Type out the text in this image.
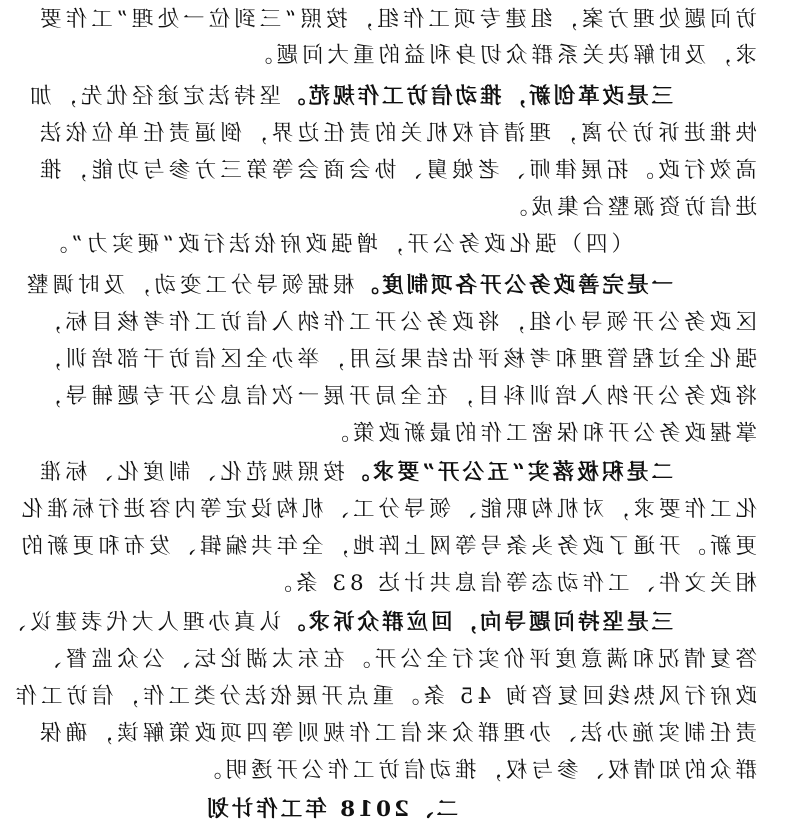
访问题处理方案，组建专项工作组，按照“三到位一处理”工作要
求，及时解决关系群众切身利益的重大问题。
三是改革创新，推动信访工作规范。坚持法定途径优先，加
快推进诉访分离，理清有权机关的责任边界，倒逼责任单位依法
高效行政。拓展律师、老娘舅、协会商会等第三方参与功能，推
进信访资源整合集成。
（四）强化政务公开，增强政府依法行政“硬实力”。
一是完善政务公开各项制度。根据领导分工变动，及时调整
区政务公开领导小组，将政务公开工作纳入信访工作考核目标，
强化全过程管理和考核评估结果运用，举办全区信访干部培训，
将政务公开纳入培训科目，在全局开展一次信息公开专题辅导，
掌握政务公开和保密工作的最新政策。
二是积极落实“五公开”要求。按照规范化、制度化、标准
化工作要求，对机构职能、领导分工、机构设定等内容进行标准化
更新。开通了政务头条号等网上阵地，全年共编辑、发布和更新的
相关文件、工作动态等信息共计达 83 条。
三是坚持问题导向，回应群众诉求。认真办理人大代表建议、
答复情况和满意度评价实行全公开。在东太湖论坛、公众监督、
政府行风热线回复咨询 45 条。重点开展依法分类工作，信访工作
责任制实施办法、办理群众来信工作规则等四项政策解读，确保
群众的知情权、参与权，推动信访工作公开透明。
二、2018 年工作计划
